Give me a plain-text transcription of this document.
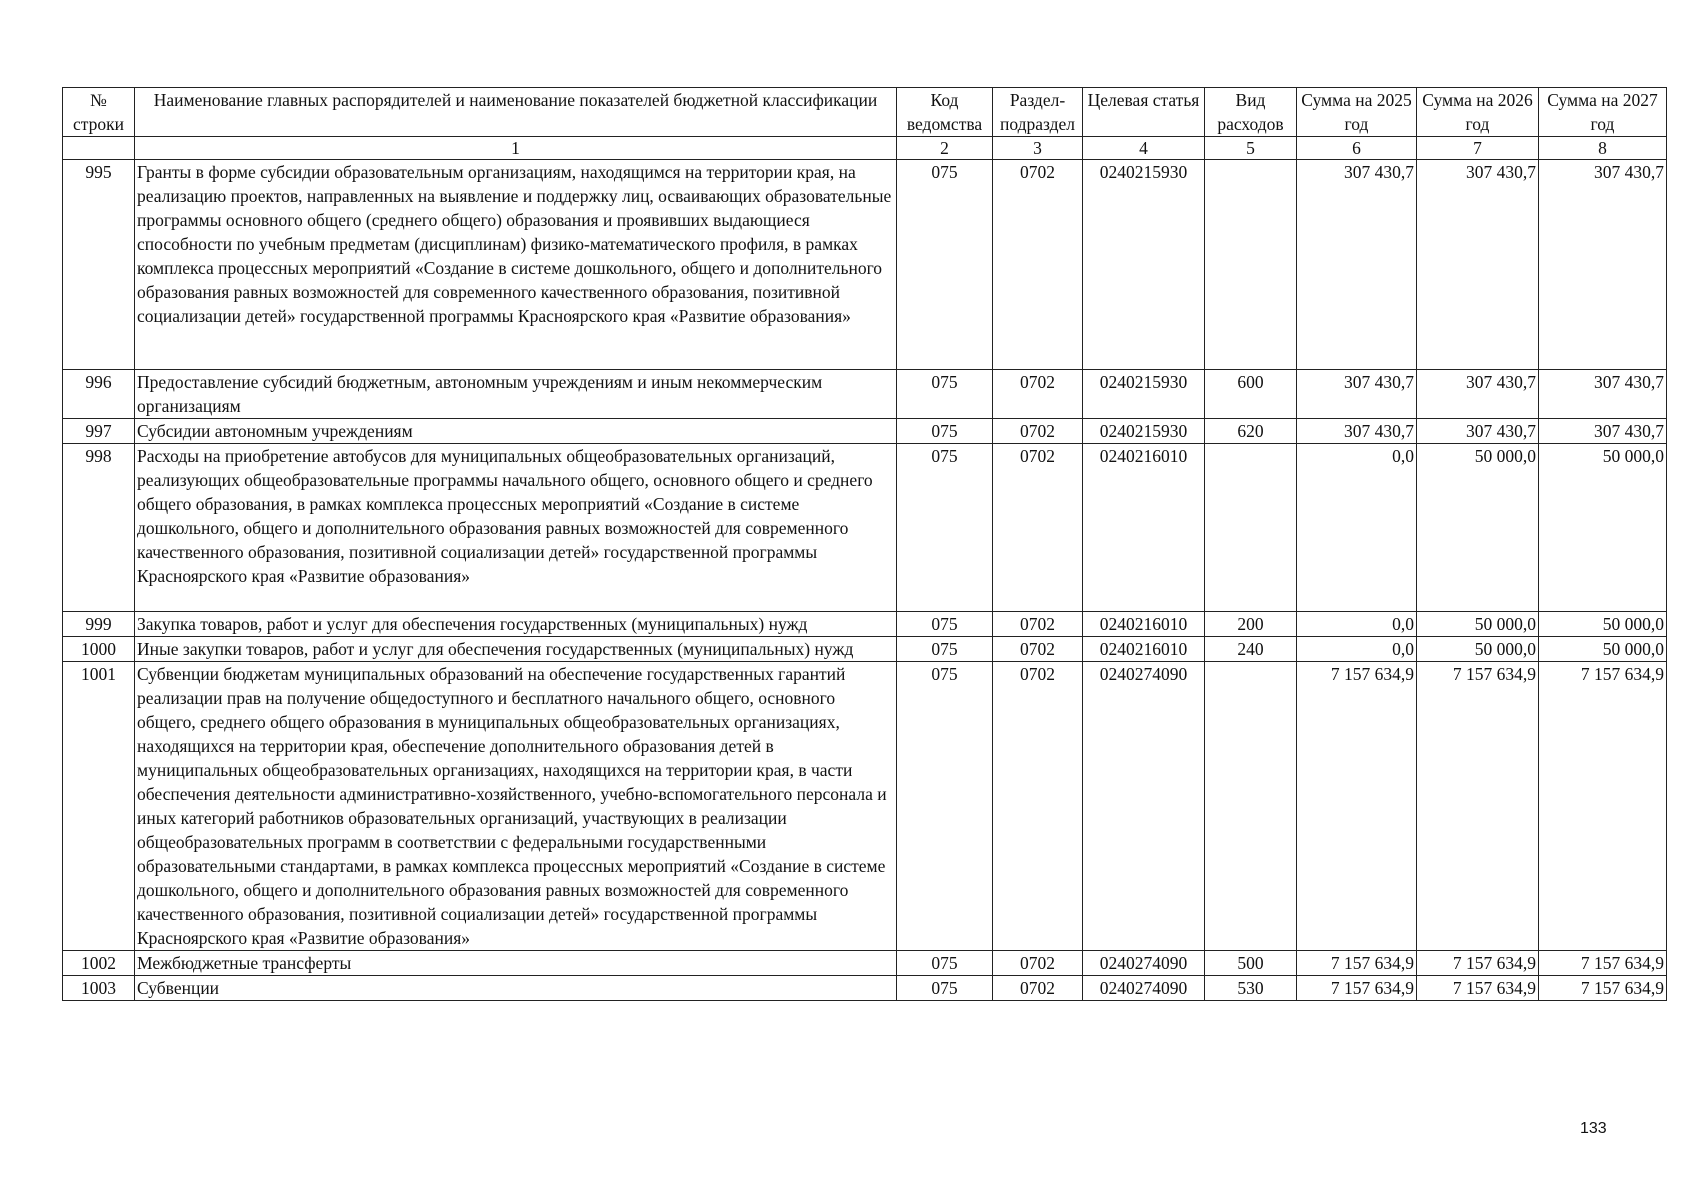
№ строки	Наименование главных распорядителей и наименование показателей бюджетной классификации	Код ведомства	Раздел-подраздел	Целевая статья	Вид расходов	Сумма на 2025 год	Сумма на 2026 год	Сумма на 2027 год
	1	2	3	4	5	6	7	8
995	Гранты в форме субсидии образовательным организациям, находящимся на территории края, на реализацию проектов, направленных на выявление и поддержку лиц, осваивающих образовательные программы основного общего (среднего общего) образования и проявивших выдающиеся способности по учебным предметам (дисциплинам) физико-математического профиля, в рамках комплекса процессных мероприятий «Создание в системе дошкольного, общего и дополнительного образования равных возможностей для современного качественного образования, позитивной социализации детей» государственной программы Красноярского края «Развитие образования»	075	0702	0240215930		307 430,7	307 430,7	307 430,7
996	Предоставление субсидий бюджетным, автономным учреждениям и иным некоммерческим организациям	075	0702	0240215930	600	307 430,7	307 430,7	307 430,7
997	Субсидии автономным учреждениям	075	0702	0240215930	620	307 430,7	307 430,7	307 430,7
998	Расходы на приобретение автобусов для муниципальных общеобразовательных организаций, реализующих общеобразовательные программы начального общего, основного общего и среднего общего образования, в рамках комплекса процессных мероприятий «Создание в системе дошкольного, общего и дополнительного образования равных возможностей для современного качественного образования, позитивной социализации детей» государственной программы Красноярского края «Развитие образования»	075	0702	0240216010		0,0	50 000,0	50 000,0
999	Закупка товаров, работ и услуг для обеспечения государственных (муниципальных) нужд	075	0702	0240216010	200	0,0	50 000,0	50 000,0
1000	Иные закупки товаров, работ и услуг для обеспечения государственных (муниципальных) нужд	075	0702	0240216010	240	0,0	50 000,0	50 000,0
1001	Субвенции бюджетам муниципальных образований на обеспечение государственных гарантий реализации прав на получение общедоступного и бесплатного начального общего, основного общего, среднего общего образования в муниципальных общеобразовательных организациях, находящихся на территории края, обеспечение дополнительного образования детей в муниципальных общеобразовательных организациях, находящихся на территории края, в части обеспечения деятельности административно-хозяйственного, учебно-вспомогательного персонала и иных категорий работников образовательных организаций, участвующих в реализации общеобразовательных программ в соответствии с федеральными государственными образовательными стандартами, в рамках комплекса процессных мероприятий «Создание в системе дошкольного, общего и дополнительного образования равных возможностей для современного качественного образования, позитивной социализации детей» государственной программы Красноярского края «Развитие образования»	075	0702	0240274090		7 157 634,9	7 157 634,9	7 157 634,9
1002	Межбюджетные трансферты	075	0702	0240274090	500	7 157 634,9	7 157 634,9	7 157 634,9
1003	Субвенции	075	0702	0240274090	530	7 157 634,9	7 157 634,9	7 157 634,9
133
